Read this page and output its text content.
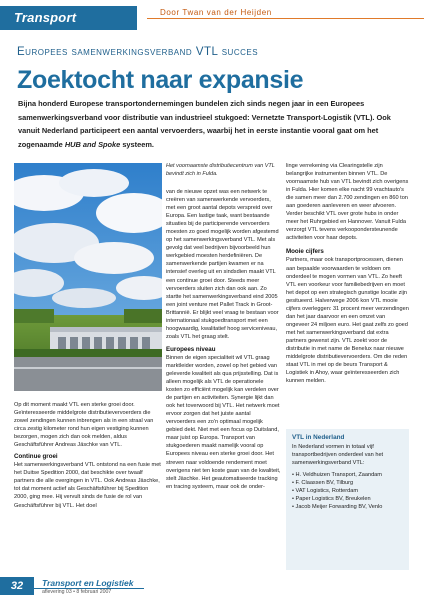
Transport	Door Twan van der Heijden
Europees samenwerkingsverband VTL succes
Zoektocht naar expansie

Bijna honderd Europese transportondernemingen bundelen zich sinds negen jaar in een Europees samenwerkingsverband voor distributie van industrieel stukgoed: Vernetzte Transport-Logistik (VTL). Ook vanuit Nederland participeert een aantal vervoerders, waarbij het in eerste instantie vooral gaat om het zogenaamde HUB and Spoke systeem.

Het voornaamste distributiecentrum van VTL bevindt zich in Fulda.

Op dit moment maakt VTL een sterke groei door. Geïnteresseerde middelgrote distributievervoerders die zowel zendingen kunnen inbrengen als in een straal van circa zestig kilometer rond hun eigen vestiging kunnen bezorgen, mogen zich dan ook melden, aldus Geschäftsführer Andreas Jäschke van VTL.

Continue groei

Het samenwerkingsverband VTL ontstond na een fusie met het Duitse Spedition 2000, dat beschikte over twaalf partners die alle overgingen in VTL. Ook Andreas Jäschke, tot dat moment actief als Geschäftsführer bij Spedition 2000, ging mee. Hij vervult sinds de fusie de rol van Geschäftsführer bij VTL. Het doel

van de nieuwe opzet was een netwerk te creëren van samenwerkende vervoerders, met een groot aantal depots verspreid over Europa. Een lastige taak, want bestaande situaties bij de participerende vervoerders moesten zo goed mogelijk worden afgestemd op het samenwerkingsverband VTL. Met als gevolg dat veel bedrijven bijvoorbeeld hun werkgebied moesten herdefiniëren. De samenwerkende partijen kwamen er na intensief overleg uit en sindsdien maakt VTL een continue groei door. Steeds meer vervoerders sluiten zich dan ook aan. Zo startte het samenwerkingsverband eind 2005 een joint venture met Pallet Track in Groot-Brittannië. Er blijkt veel vraag te bestaan voor internationaal stukgoedtransport met een hoogwaardig, kwalitatief hoog serviceniveau, zoals VTL het graag stelt.

Europees niveau

Binnen de eigen specialiteit wil VTL graag marktleider worden, zowel op het gebied van geleverde kwaliteit als qua prijsstelling. Dat is alleen mogelijk als VTL de operationele kosten zo efficiënt mogelijk kan verdelen over de partijen en activiteiten. Synergie lijkt dan ook het toverwoord bij VTL. Het netwerk moet ervoor zorgen dat het juiste aantal vervoerders een zo'n optimaal mogelijk gebied dekt. Niet met een focus op Duitsland, maar juist op Europa. Transport van stukgoederen maakt namelijk vooral op Europees niveau een sterke groei door. Het streven naar voldoende rendement moet overigens niet ten koste gaan van de kwaliteit, stelt Jäschke. Het geautomatiseerde tracking en tracing systeem, maar ook de onder-

linge verrekening via Clearingstelle zijn belangrijke instrumenten binnen VTL. De voornaamste hub van VTL bevindt zich overigens in Fulda. Hier komen elke nacht 99 vrachtauto's die samen meer dan 2.700 zendingen en 860 ton aan goederen aanleveren en weer afvoeren. Verder beschikt VTL over grote hubs in onder meer het Ruhrgebied en Hannover. Vanuit Fulda verzorgt VTL tevens verkoopondersteunende activiteiten voor haar depots.

Mooie cijfers

Partners, maar ook transportprocessen, dienen aan bepaalde voorwaarden te voldoen om onderdeel te mogen vormen van VTL. Zo heeft VTL een voorkeur voor familiebedrijven en moet het depot op een strategisch gunstige locatie zijn gesitueerd. Halverwege 2006 kon VTL mooie cijfers overleggen: 31 procent meer verzendingen dan het jaar daarvoor en een omzet van ongeveer 24 miljoen euro. Het gaat zelfs zo goed met het samenwerkingsverband dat extra partners gewenst zijn. VTL zoekt voor de distributie in met name de Benelux naar nieuwe middelgrote distributievervoerders. Om die reden staat VTL in mei op de beurs Transport & Logistiek in Ahoy, waar geïnteresseerden zich kunnen melden.

VTL in Nederland

In Nederland vormen in totaal vijf transportbedrijven onderdeel van het samenwerkingsverband VTL:

• H. Veldhuizen Transport, Zaandam
• F. Claassen BV, Tilburg
• VAT Logistics, Rotterdam
• Paper Logistics BV, Breukelen
• Jacob Meijer Forwarding BV, Venlo
32	Transport en Logistiek
aflevering 03 • 8 februari 2007
